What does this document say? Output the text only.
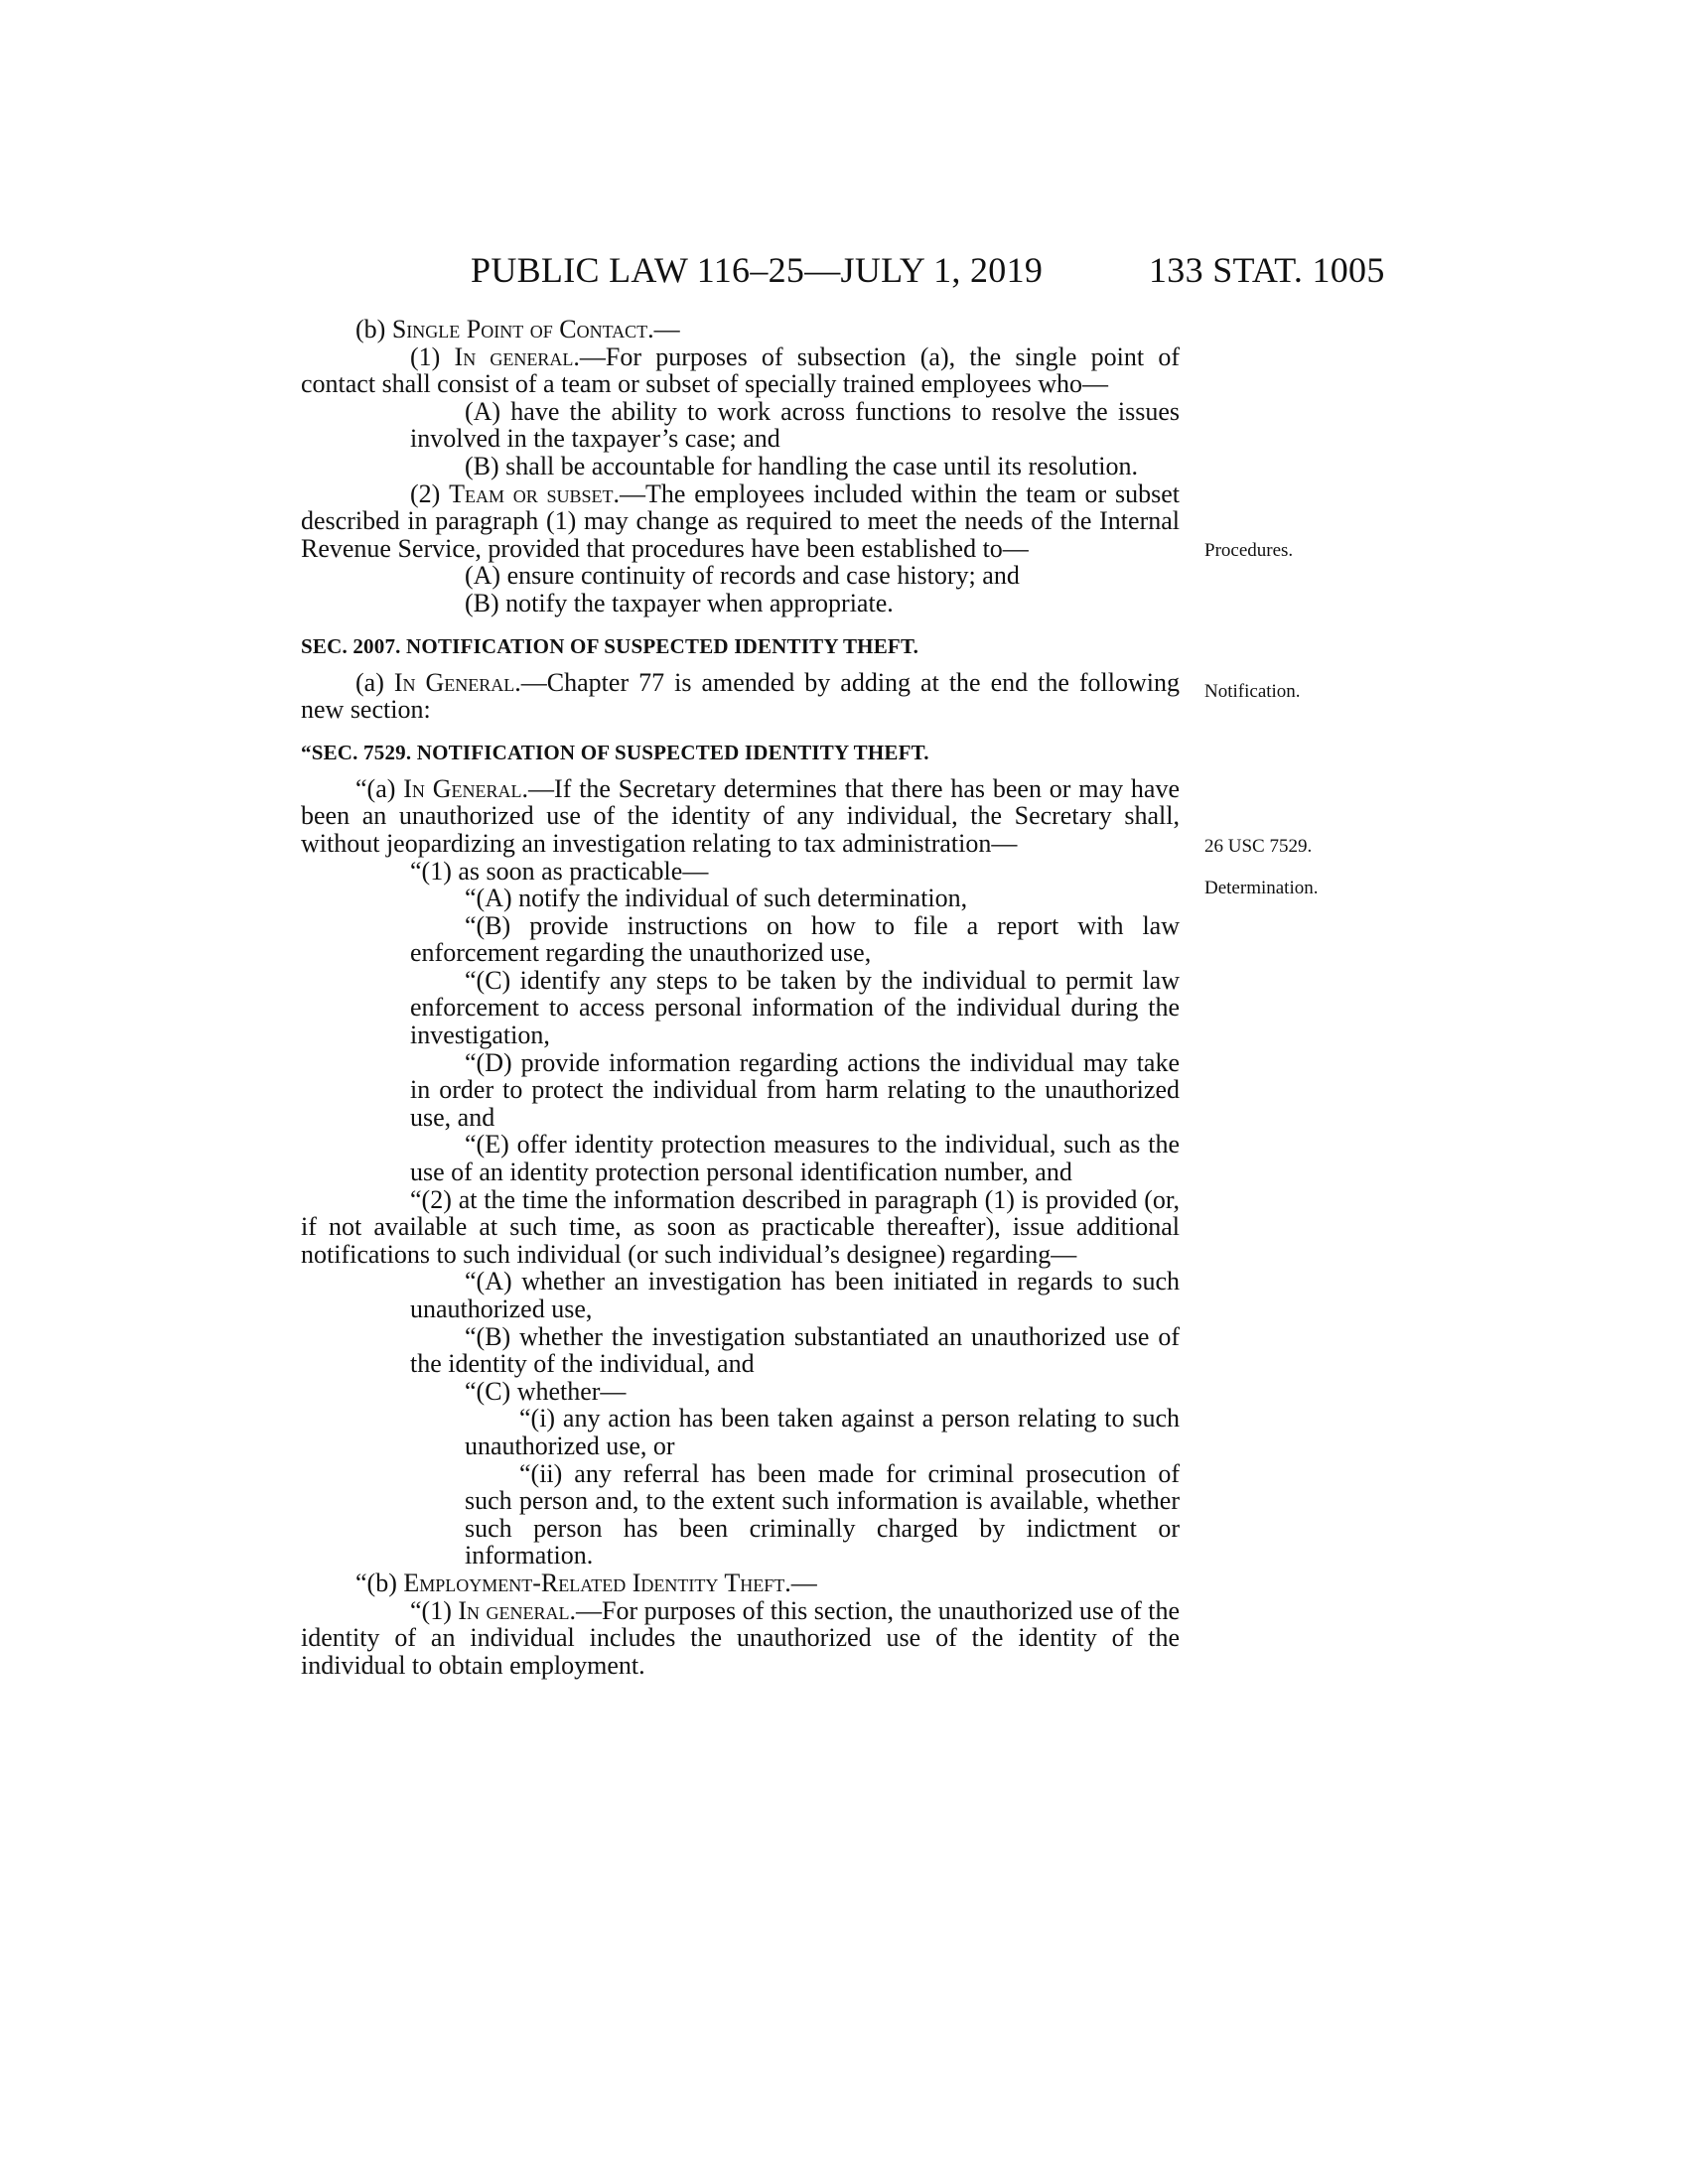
PUBLIC LAW 116–25—JULY 1, 2019	133 STAT. 1005

(b) Single Point of Contact.—

(1) In general.—For purposes of subsection (a), the single point of contact shall consist of a team or subset of specially trained employees who—

(A) have the ability to work across functions to resolve the issues involved in the taxpayer’s case; and

(B) shall be accountable for handling the case until its resolution.

(2) Team or subset.—The employees included within the team or subset described in paragraph (1) may change as required to meet the needs of the Internal Revenue Service, provided that procedures have been established to—

(A) ensure continuity of records and case history; and

(B) notify the taxpayer when appropriate.

SEC. 2007. NOTIFICATION OF SUSPECTED IDENTITY THEFT.

(a) In General.—Chapter 77 is amended by adding at the end the following new section:

“SEC. 7529. NOTIFICATION OF SUSPECTED IDENTITY THEFT.

“(a) In General.—If the Secretary determines that there has been or may have been an unauthorized use of the identity of any individual, the Secretary shall, without jeopardizing an investigation relating to tax administration—

“(1) as soon as practicable—

“(A) notify the individual of such determination,

“(B) provide instructions on how to file a report with law enforcement regarding the unauthorized use,

“(C) identify any steps to be taken by the individual to permit law enforcement to access personal information of the individual during the investigation,

“(D) provide information regarding actions the individual may take in order to protect the individual from harm relating to the unauthorized use, and

“(E) offer identity protection measures to the individual, such as the use of an identity protection personal identification number, and

“(2) at the time the information described in paragraph (1) is provided (or, if not available at such time, as soon as practicable thereafter), issue additional notifications to such individual (or such individual’s designee) regarding—

“(A) whether an investigation has been initiated in regards to such unauthorized use,

“(B) whether the investigation substantiated an unauthorized use of the identity of the individual, and

“(C) whether—

“(i) any action has been taken against a person relating to such unauthorized use, or

“(ii) any referral has been made for criminal prosecution of such person and, to the extent such information is available, whether such person has been criminally charged by indictment or information.

“(b) Employment-Related Identity Theft.—

“(1) In general.—For purposes of this section, the unauthorized use of the identity of an individual includes the unauthorized use of the identity of the individual to obtain employment.

Procedures.
Notification.
26 USC 7529.
Determination.
